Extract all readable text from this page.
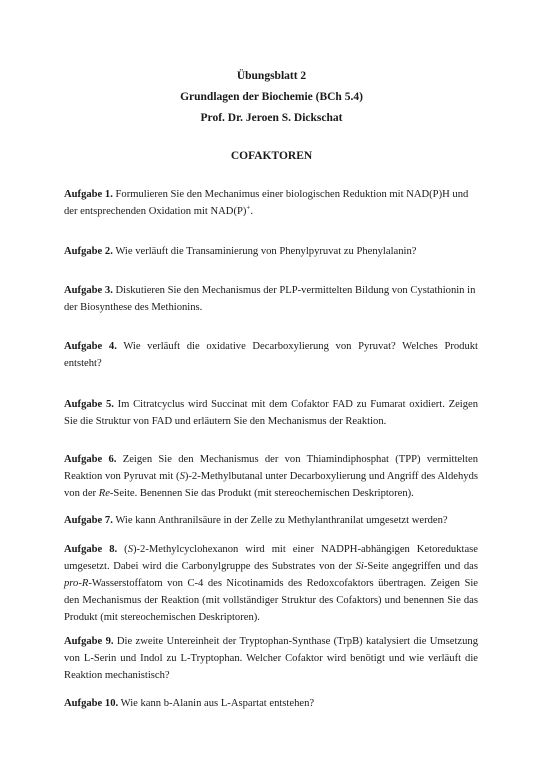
Übungsblatt 2
Grundlagen der Biochemie (BCh 5.4)
Prof. Dr. Jeroen S. Dickschat
COFAKTOREN

Aufgabe 1. Formulieren Sie den Mechanimus einer biologischen Reduktion mit NAD(P)H und der entsprechenden Oxidation mit NAD(P)+.

Aufgabe 2. Wie verläuft die Transaminierung von Phenylpyruvat zu Phenylalanin?

Aufgabe 3. Diskutieren Sie den Mechanismus der PLP-vermittelten Bildung von Cystathionin in der Biosynthese des Methionins.

Aufgabe 4. Wie verläuft die oxidative Decarboxylierung von Pyruvat? Welches Produkt entsteht?

Aufgabe 5. Im Citratcyclus wird Succinat mit dem Cofaktor FAD zu Fumarat oxidiert. Zeigen Sie die Struktur von FAD und erläutern Sie den Mechanismus der Reaktion.

Aufgabe 6. Zeigen Sie den Mechanismus der von Thiamindiphosphat (TPP) vermittelten Reaktion von Pyruvat mit (S)-2-Methylbutanal unter Decarboxylierung und Angriff des Aldehyds von der Re-Seite. Benennen Sie das Produkt (mit stereochemischen Deskriptoren).

Aufgabe 7. Wie kann Anthranilsäure in der Zelle zu Methylanthranilat umgesetzt werden?

Aufgabe 8. (S)-2-Methylcyclohexanon wird mit einer NADPH-abhängigen Ketoreduktase umgesetzt. Dabei wird die Carbonylgruppe des Substrates von der Si-Seite angegriffen und das pro-R-Wasserstoffatom von C-4 des Nicotinamids des Redoxcofaktors übertragen. Zeigen Sie den Mechanismus der Reaktion (mit vollständiger Struktur des Cofaktors) und benennen Sie das Produkt (mit stereochemischen Deskriptoren).

Aufgabe 9. Die zweite Untereinheit der Tryptophan-Synthase (TrpB) katalysiert die Umsetzung von L-Serin und Indol zu L-Tryptophan. Welcher Cofaktor wird benötigt und wie verläuft die Reaktion mechanistisch?

Aufgabe 10. Wie kann b-Alanin aus L-Aspartat entstehen?
